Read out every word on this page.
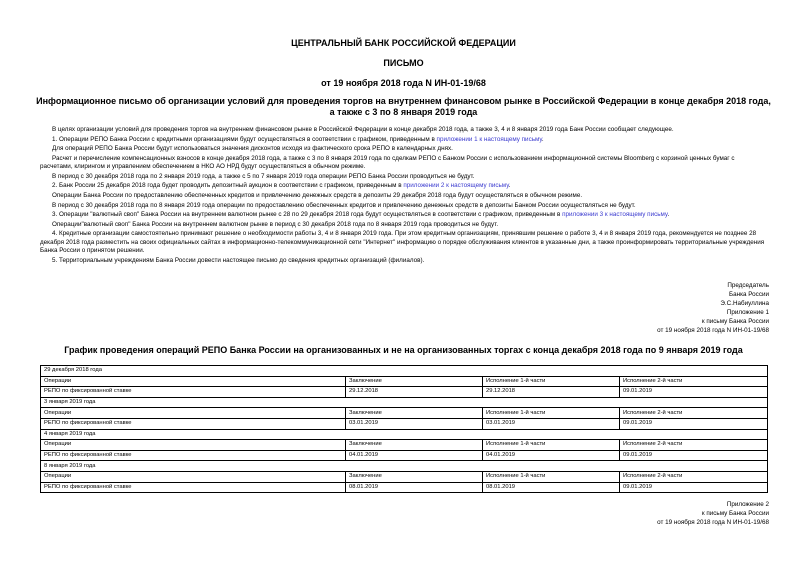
ЦЕНТРАЛЬНЫЙ БАНК РОССИЙСКОЙ ФЕДЕРАЦИИ
ПИСЬМО
от 19 ноября 2018 года N ИН-01-19/68
Информационное письмо об организации условий для проведения торгов на внутреннем финансовом рынке в Российской Федерации в конце декабря 2018 года,
а также с 3 по 8 января 2019 года

В целях организации условий для проведения торгов на внутреннем финансовом рынке в Российской Федерации в конце декабря 2018 года, а также 3, 4 и 8 января 2019 года Банк России сообщает следующее.

1. Операции РЕПО Банка России с кредитными организациями будут осуществляться в соответствии с графиком, приведенным в приложении 1 к настоящему письму.

Для операций РЕПО Банка России будут использоваться значения дисконтов исходя из фактического срока РЕПО в календарных днях.

Расчет и перечисление компенсационных взносов в конце декабря 2018 года, а также с 3 по 8 января 2019 года по сделкам РЕПО с Банком России с использованием информационной системы Bloomberg с корзиной ценных бумаг с расчетами, клирингом и управлением обеспечением в НКО АО НРД будут осуществляться в обычном режиме.

В период с 30 декабря 2018 года по 2 января 2019 года, а также с 5 по 7 января 2019 года операции РЕПО Банка России проводиться не будут.

2. Банк России 25 декабря 2018 года будет проводить депозитный аукцион в соответствии с графиком, приведенным в приложении 2 к настоящему письму.

Операции Банка России по предоставлению обеспеченных кредитов и привлечению денежных средств в депозиты 29 декабря 2018 года будут осуществляться в обычном режиме.

В период с 30 декабря 2018 года по 8 января 2019 года операции по предоставлению обеспеченных кредитов и привлечению денежных средств в депозиты Банком России осуществляться не будут.

3. Операции "валютный своп" Банка России на внутреннем валютном рынке с 28 по 29 декабря 2018 года будут осуществляться в соответствии с графиком, приведенным в приложении 3 к настоящему письму.

Операции"валютный своп" Банка России на внутреннем валютном рынке в период с 30 декабря 2018 года по 8 января 2019 года проводиться не будут.

4. Кредитные организации самостоятельно принимают решение о необходимости работы 3, 4 и 8 января 2019 года. При этом кредитным организациям, принявшим решение о работе 3, 4 и 8 января 2019 года, рекомендуется не позднее 28 декабря 2018 года разместить на своих официальных сайтах в информационно-телекоммуникационной сети "Интернет" информацию о порядке обслуживания клиентов в указанные дни, а также проинформировать территориальные учреждения Банка России о принятом решении.

5. Территориальным учреждениям Банка России довести настоящее письмо до сведения кредитных организаций (филиалов).

Председатель
Банка России
Э.С.Набиуллина
Приложение 1
к письму Банка России
от 19 ноября 2018 года N ИН-01-19/68
График проведения операций РЕПО Банка России на организованных и не на организованных торгах с конца декабря 2018 года по 9 января 2019 года
29 декабря 2018 года			
Операции	Заключение	Исполнение 1-й части	Исполнение 2-й части
РЕПО по фиксированной ставке	29.12.2018	29.12.2018	09.01.2019
3 января 2019 года			
Операции	Заключение	Исполнение 1-й части	Исполнение 2-й части
РЕПО по фиксированной ставке	03.01.2019	03.01.2019	09.01.2019
4 января 2019 года			
Операции	Заключение	Исполнение 1-й части	Исполнение 2-й части
РЕПО по фиксированной ставке	04.01.2019	04.01.2019	09.01.2019
8 января 2019 года			
Операции	Заключение	Исполнение 1-й части	Исполнение 2-й части
РЕПО по фиксированной ставке	08.01.2019	08.01.2019	09.01.2019
Приложение 2
к письму Банка России
от 19 ноября 2018 года N ИН-01-19/68
